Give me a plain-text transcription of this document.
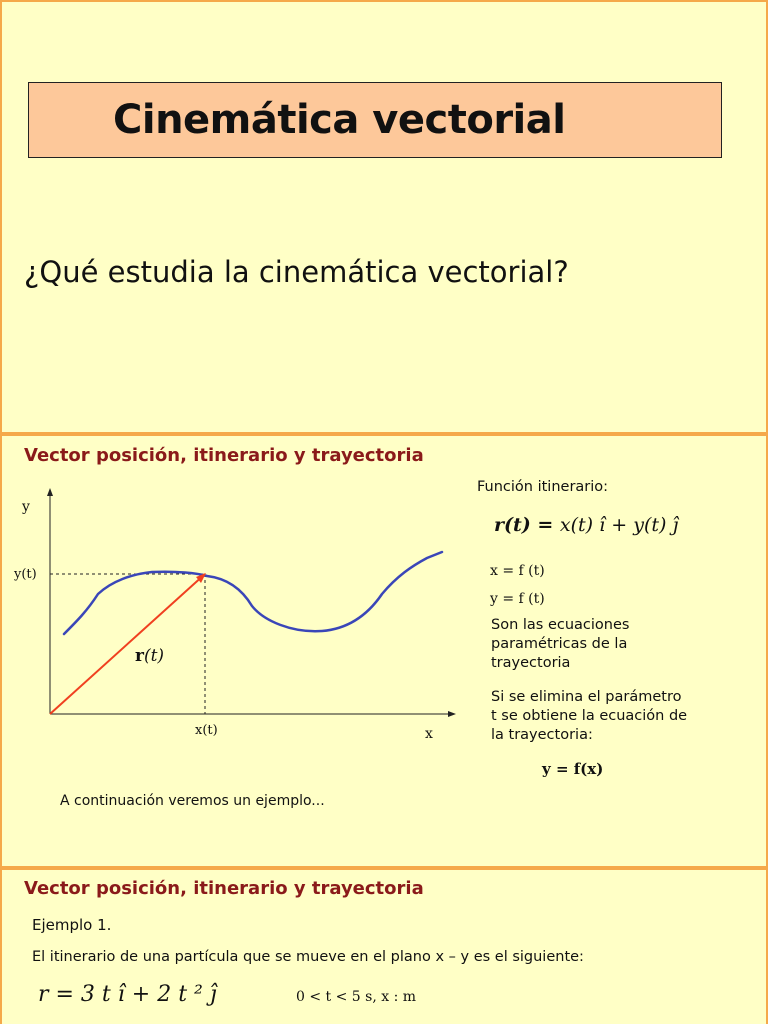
Cinemática vectorial
¿Qué estudia la cinemática vectorial?
Vector posición, itinerario y trayectoria
y
y(t)
x
x(t)
r(t)
Función itinerario:
r(t) = x(t) î + y(t) ĵ
x = f (t)
y = f (t)
Son las ecuaciones
paramétricas de la
trayectoria
Si se elimina el parámetro
t se obtiene la ecuación de
la trayectoria:
y = f(x)
A continuación veremos un ejemplo...
Vector posición, itinerario y trayectoria
Ejemplo 1.
El itinerario de una partícula que se mueve en el plano x – y es el siguiente:
r = 3 t î + 2 t ² ĵ	0 < t < 5 s, x : m
